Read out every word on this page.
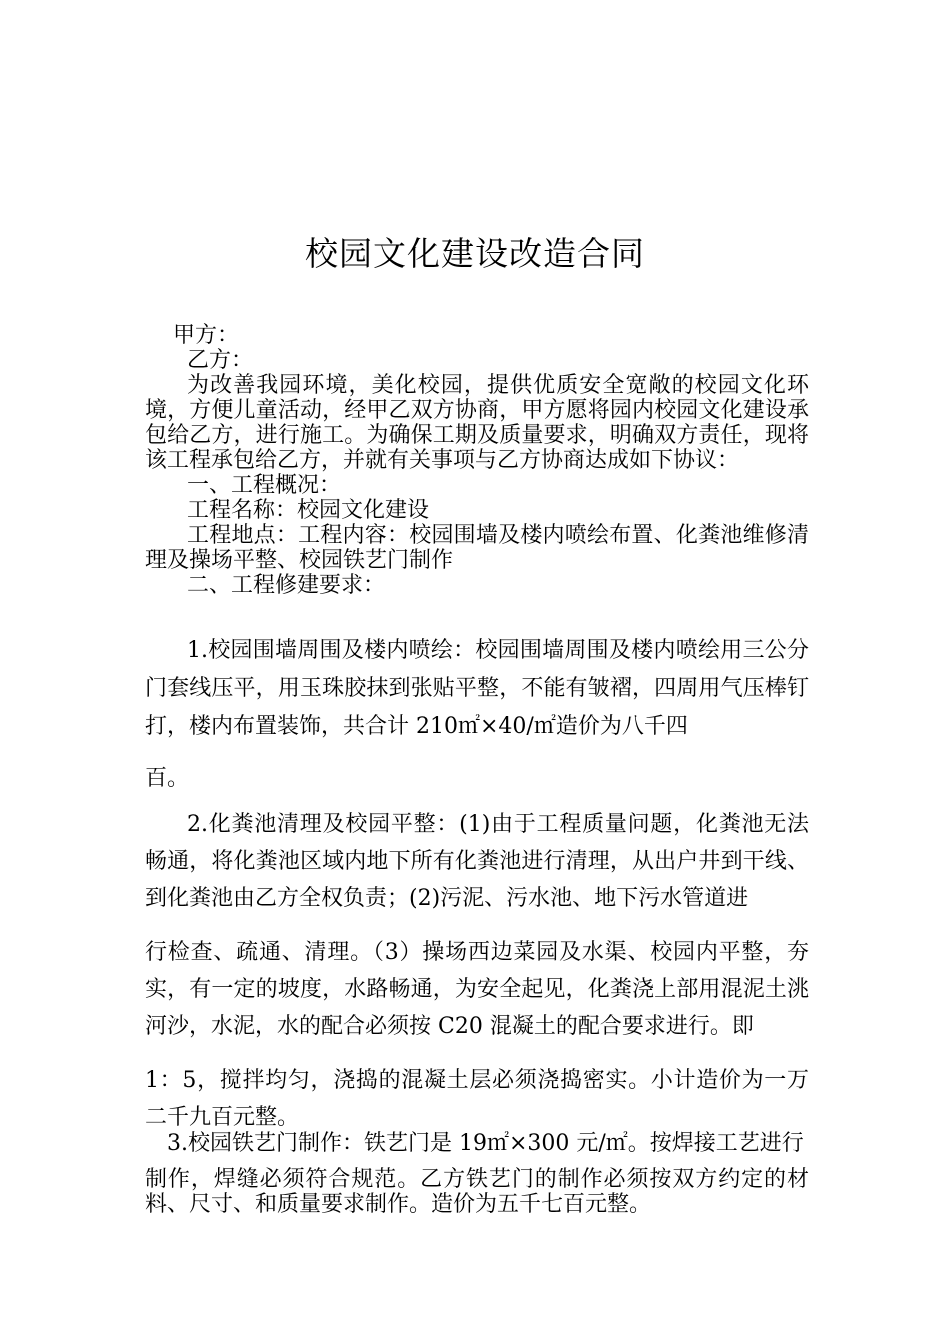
校园文化建设改造合同

甲方：

乙方：

为改善我园环境，美化校园，提供优质安全宽敞的校园文化环境，方便儿童活动，经甲乙双方协商，甲方愿将园内校园文化建设承包给乙方，进行施工。为确保工期及质量要求，明确双方责任，现将该工程承包给乙方，并就有关事项与乙方协商达成如下协议：

一、工程概况：

工程名称：校园文化建设

工程地点：工程内容：校园围墙及楼内喷绘布置、化粪池维修清理及操场平整、校园铁艺门制作

二、工程修建要求：

1.校园围墙周围及楼内喷绘：校园围墙周围及楼内喷绘用三公分门套线压平，用玉珠胶抹到张贴平整，不能有皱褶，四周用气压棒钉打，楼内布置装饰，共合计 210㎡×40/㎡造价为八千四

百。

2.化粪池清理及校园平整：(1)由于工程质量问题，化粪池无法畅通，将化粪池区域内地下所有化粪池进行清理，从出户井到干线、到化粪池由乙方全权负责；(2)污泥、污水池、地下污水管道进

行检查、疏通、清理。（3）操场西边菜园及水渠、校园内平整，夯实，有一定的坡度，水路畅通，为安全起见，化粪浇上部用混泥土洮河沙，水泥，水的配合必须按 C20 混凝土的配合要求进行。即

1：5，搅拌均匀，浇捣的混凝土层必须浇捣密实。小计造价为一万二千九百元整。

3.校园铁艺门制作：铁艺门是 19㎡×300 元/㎡。按焊接工艺进行

制作，焊缝必须符合规范。乙方铁艺门的制作必须按双方约定的材料、尺寸、和质量要求制作。造价为五千七百元整。
